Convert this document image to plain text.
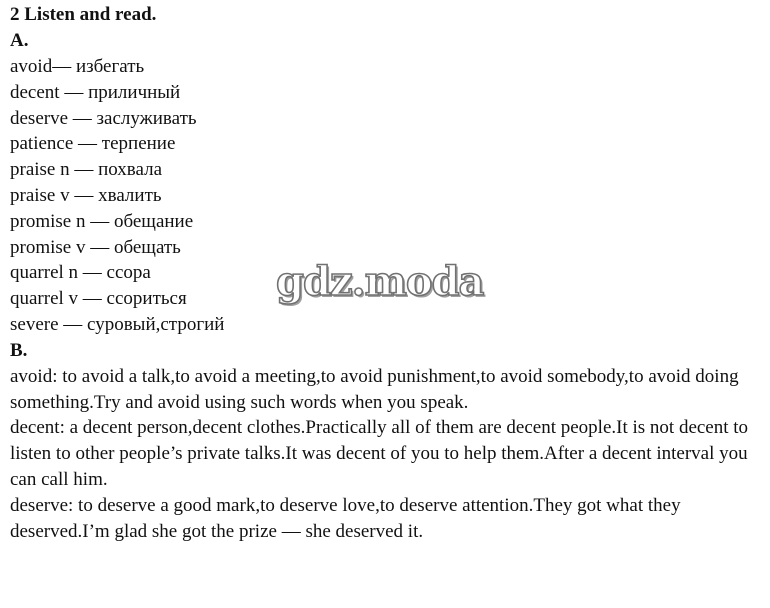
2 Listen and read.
A.
avoid— избегать
decent — приличный
deserve — заслуживать
patience — терпение
praise n — похвала
praise v — хвалить
promise n — обещание
promise v — обещать
quarrel n — ссора
quarrel v — ссориться
severe — суровый,строгий
B.

avoid: to avoid a talk,to avoid a meeting,to avoid punishment,to avoid somebody,to avoid doing something.Try and avoid using such words when you speak.

decent: a decent person,decent clothes.Practically all of them are decent people.It is not decent to listen to other people’s private talks.It was decent of you to help them.After a decent interval you can call him.

deserve: to deserve a good mark,to deserve love,to deserve attention.They got what they deserved.I’m glad she got the prize — she deserved it.

gdz.moda
